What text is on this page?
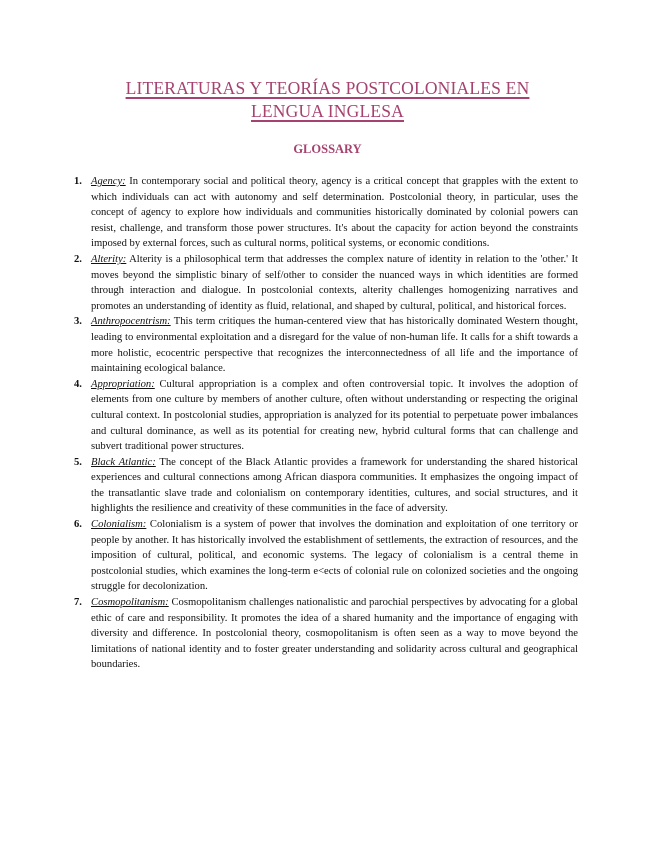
LITERATURAS Y TEORÍAS POSTCOLONIALES EN
LENGUA INGLESA
GLOSSARY
1. Agency: In contemporary social and political theory, agency is a critical concept that grapples with the extent to which individuals can act with autonomy and self determination. Postcolonial theory, in particular, uses the concept of agency to explore how individuals and communities historically dominated by colonial powers can resist, challenge, and transform those power structures. It's about the capacity for action beyond the constraints imposed by external forces, such as cultural norms, political systems, or economic conditions.
2. Alterity: Alterity is a philosophical term that addresses the complex nature of identity in relation to the 'other.' It moves beyond the simplistic binary of self/other to consider the nuanced ways in which identities are formed through interaction and dialogue. In postcolonial contexts, alterity challenges homogenizing narratives and promotes an understanding of identity as fluid, relational, and shaped by cultural, political, and historical forces.
3. Anthropocentrism: This term critiques the human-centered view that has historically dominated Western thought, leading to environmental exploitation and a disregard for the value of non-human life. It calls for a shift towards a more holistic, ecocentric perspective that recognizes the interconnectedness of all life and the importance of maintaining ecological balance.
4. Appropriation: Cultural appropriation is a complex and often controversial topic. It involves the adoption of elements from one culture by members of another culture, often without understanding or respecting the original cultural context. In postcolonial studies, appropriation is analyzed for its potential to perpetuate power imbalances and cultural dominance, as well as its potential for creating new, hybrid cultural forms that can challenge and subvert traditional power structures.
5. Black Atlantic: The concept of the Black Atlantic provides a framework for understanding the shared historical experiences and cultural connections among African diaspora communities. It emphasizes the ongoing impact of the transatlantic slave trade and colonialism on contemporary identities, cultures, and social structures, and it highlights the resilience and creativity of these communities in the face of adversity.
6. Colonialism: Colonialism is a system of power that involves the domination and exploitation of one territory or people by another. It has historically involved the establishment of settlements, the extraction of resources, and the imposition of cultural, political, and economic systems. The legacy of colonialism is a central theme in postcolonial studies, which examines the long-term e<ects of colonial rule on colonized societies and the ongoing struggle for decolonization.
7. Cosmopolitanism: Cosmopolitanism challenges nationalistic and parochial perspectives by advocating for a global ethic of care and responsibility. It promotes the idea of a shared humanity and the importance of engaging with diversity and difference. In postcolonial theory, cosmopolitanism is often seen as a way to move beyond the limitations of national identity and to foster greater understanding and solidarity across cultural and geographical boundaries.
